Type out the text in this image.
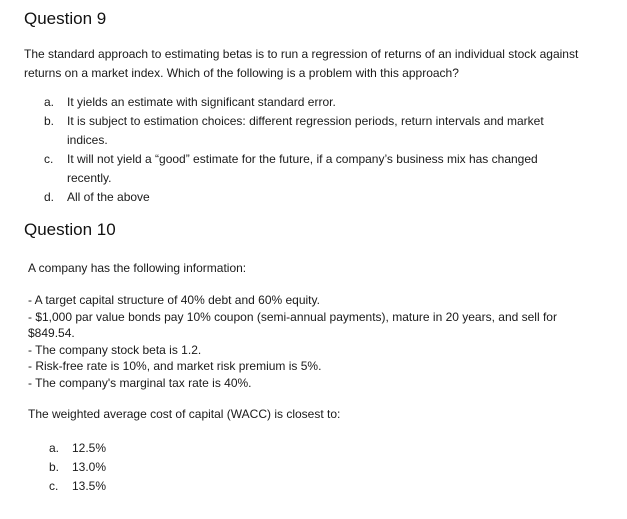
Question 9

The standard approach to estimating betas is to run a regression of returns of an individual stock against
returns on a market index. Which of the following is a problem with this approach?

a. It yields an estimate with significant standard error.
b. It is subject to estimation choices: different regression periods, return intervals and market
indices.
c. It will not yield a “good” estimate for the future, if a company’s business mix has changed
recently.
d. All of the above
Question 10

A company has the following information:

- A target capital structure of 40% debt and 60% equity.
- $1,000 par value bonds pay 10% coupon (semi-annual payments), mature in 20 years, and sell for
$849.54.
- The company stock beta is 1.2.
- Risk-free rate is 10%, and market risk premium is 5%.
- The company's marginal tax rate is 40%.

The weighted average cost of capital (WACC) is closest to:

a. 12.5%
b. 13.0%
c. 13.5%
